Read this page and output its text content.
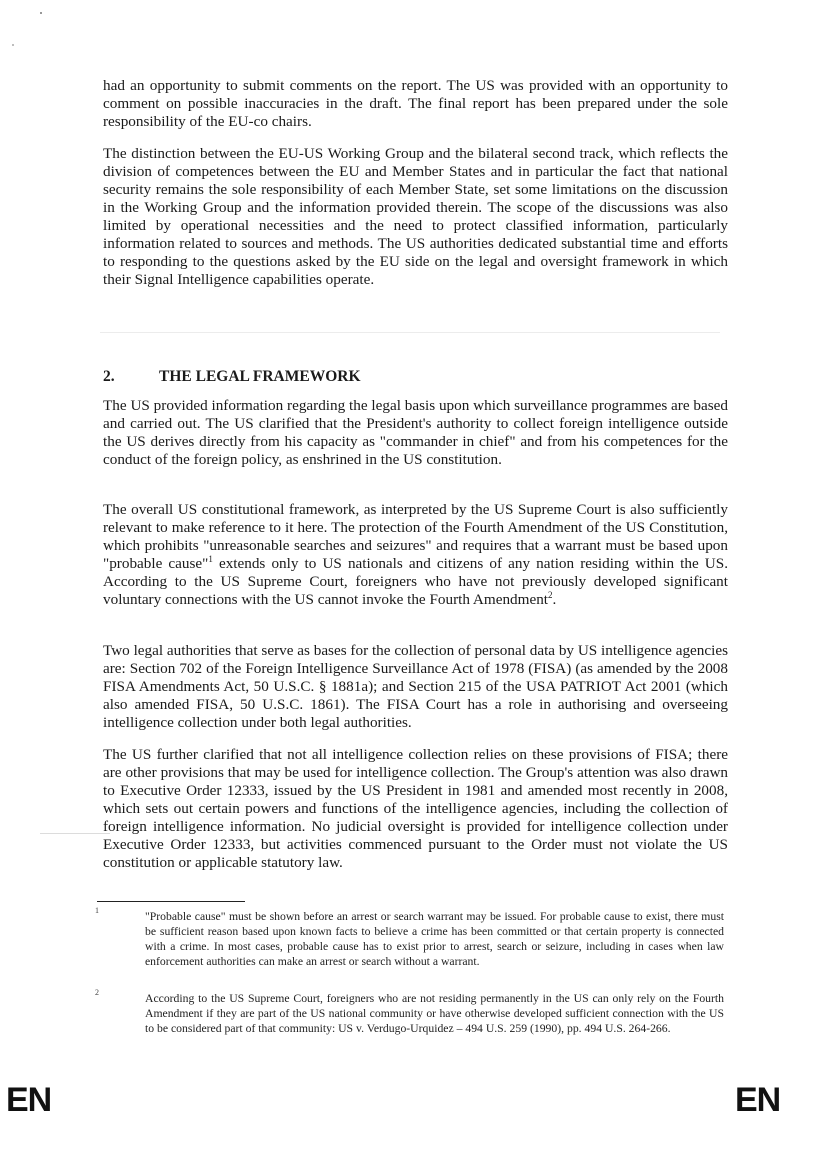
had an opportunity to submit comments on the report. The US was provided with an opportunity to comment on possible inaccuracies in the draft. The final report has been prepared under the sole responsibility of the EU-co chairs.

The distinction between the EU-US Working Group and the bilateral second track, which reflects the division of competences between the EU and Member States and in particular the fact that national security remains the sole responsibility of each Member State, set some limitations on the discussion in the Working Group and the information provided therein. The scope of the discussions was also limited by operational necessities and the need to protect classified information, particularly information related to sources and methods. The US authorities dedicated substantial time and efforts to responding to the questions asked by the EU side on the legal and oversight framework in which their Signal Intelligence capabilities operate.

2.	THE LEGAL FRAMEWORK

The US provided information regarding the legal basis upon which surveillance programmes are based and carried out. The US clarified that the President's authority to collect foreign intelligence outside the US derives directly from his capacity as "commander in chief" and from his competences for the conduct of the foreign policy, as enshrined in the US constitution.

The overall US constitutional framework, as interpreted by the US Supreme Court is also sufficiently relevant to make reference to it here. The protection of the Fourth Amendment of the US Constitution, which prohibits "unreasonable searches and seizures" and requires that a warrant must be based upon "probable cause"$^1$ extends only to US nationals and citizens of any nation residing within the US. According to the US Supreme Court, foreigners who have not previously developed significant voluntary connections with the US cannot invoke the Fourth Amendment$^2$.

Two legal authorities that serve as bases for the collection of personal data by US intelligence agencies are: Section 702 of the Foreign Intelligence Surveillance Act of 1978 (FISA) (as amended by the 2008 FISA Amendments Act, 50 U.S.C. § 1881a); and Section 215 of the USA PATRIOT Act 2001 (which also amended FISA, 50 U.S.C. 1861). The FISA Court has a role in authorising and overseeing intelligence collection under both legal authorities.

The US further clarified that not all intelligence collection relies on these provisions of FISA; there are other provisions that may be used for intelligence collection. The Group's attention was also drawn to Executive Order 12333, issued by the US President in 1981 and amended most recently in 2008, which sets out certain powers and functions of the intelligence agencies, including the collection of foreign intelligence information. No judicial oversight is provided for intelligence collection under Executive Order 12333, but activities commenced pursuant to the Order must not violate the US constitution or applicable statutory law.

1	"Probable cause" must be shown before an arrest or search warrant may be issued. For probable cause to exist, there must be sufficient reason based upon known facts to believe a crime has been committed or that certain property is connected with a crime. In most cases, probable cause has to exist prior to arrest, search or seizure, including in cases when law enforcement authorities can make an arrest or search without a warrant.
2	According to the US Supreme Court, foreigners who are not residing permanently in the US can only rely on the Fourth Amendment if they are part of the US national community or have otherwise developed sufficient connection with the US to be considered part of that community: US v. Verdugo-Urquidez – 494 U.S. 259 (1990), pp. 494 U.S. 264-266.
EN	EN
